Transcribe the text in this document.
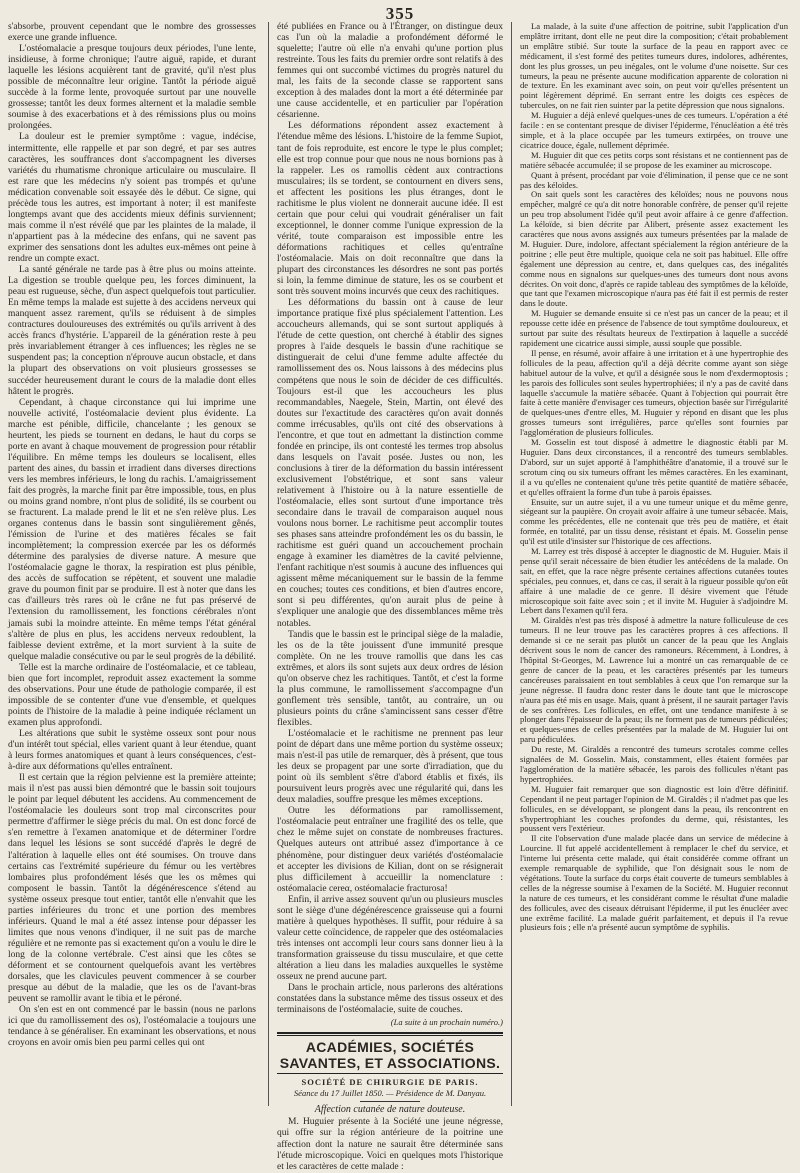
355

s'absorbe, prouvent cependant que le nombre des grossesses exerce une grande influence.

L'ostéomalacie a presque toujours deux périodes, l'une lente, insidieuse, à forme chronique; l'autre aiguë, rapide, et durant laquelle les lésions acquièrent tant de gravité, qu'il n'est plus possible de méconnaître leur origine. Tantôt la période aiguë succède à la forme lente, provoquée surtout par une nouvelle grossesse; tantôt les deux formes alternent et la maladie semble soumise à des exacerbations et à des rémissions plus ou moins prolongées.

La douleur est le premier symptôme : vague, indécise, intermittente, elle rappelle et par son degré, et par ses autres caractères, les souffrances dont s'accompagnent les diverses variétés du rhumatisme chronique articulaire ou musculaire. Il est rare que les médecins n'y soient pas trompés et qu'une médication convenable soit essayée dès le début. Ce signe, qui précède tous les autres, est important à noter; il est manifeste longtemps avant que des accidents mieux définis surviennent; mais comme il n'est révélé que par les plaintes de la malade, il n'appartient pas à la médecine des enfans, qui ne savent pas exprimer des sensations dont les adultes eux-mêmes ont peine à rendre un compte exact.

La santé générale ne tarde pas à être plus ou moins atteinte. La digestion se trouble quelque peu, les forces diminuent, la peau est rugueuse, sèche, d'un aspect quelquefois tout particulier. En même temps la malade est sujette à des accidens nerveux qui manquent assez rarement, qu'ils se réduisent à de simples contractures douloureuses des extrémités ou qu'ils arrivent à des accès francs d'hystérie. L'appareil de la génération reste à peu près invariablement étranger à ces influences; les règles ne se suspendent pas; la conception n'éprouve aucun obstacle, et dans la plupart des observations on voit plusieurs grossesses se succéder heureusement durant le cours de la maladie dont elles hâtent le progrès.

Cependant, à chaque circonstance qui lui imprime une nouvelle activité, l'ostéomalacie devient plus évidente. La marche est pénible, difficile, chancelante ; les genoux se heurtent, les pieds se tournent en dedans, le haut du corps se porte en avant à chaque mouvement de progression pour rétablir l'équilibre. En même temps les douleurs se localisent, elles partent des aines, du bassin et irradient dans diverses directions vers les membres inférieurs, le long du rachis. L'amaigrissement fait des progrès, la marche finit par être impossible, tous, en plus ou moins grand nombre, n'ont plus de solidité, ils se courbent ou se fracturent. La malade prend le lit et ne s'en relève plus. Les organes contenus dans le bassin sont singulièrement gênés, l'émission de l'urine et des matières fécales se fait incomplètement; la compression exercée par les os déformés détermine des paralysies de diverse nature. A mesure que l'ostéomalacie gagne le thorax, la respiration est plus pénible, des accès de suffocation se répètent, et souvent une maladie grave du poumon finit par se produire. Il est à noter que dans les cas d'ailleurs très rares où le crâne ne fut pas préservé de l'extension du ramollissement, les fonctions cérébrales n'ont jamais subi la moindre atteinte. En même temps l'état général s'altère de plus en plus, les accidens nerveux redoublent, la faiblesse devient extrême, et la mort survient à la suite de quelque maladie consécutive ou par le seul progrès de la débilité.

Telle est la marche ordinaire de l'ostéomalacie, et ce tableau, bien que fort incomplet, reproduit assez exactement la somme des observations. Pour une étude de pathologie comparée, il est impossible de se contenter d'une vue d'ensemble, et quelques points de l'histoire de la maladie à peine indiquée réclament un examen plus approfondi.

Les altérations que subit le système osseux sont pour nous d'un intérêt tout spécial, elles varient quant à leur étendue, quant à leurs formes anatomiques et quant à leurs conséquences, c'est-à-dire aux déformations qu'elles entraînent.

Il est certain que la région pelvienne est la première atteinte; mais il n'est pas aussi bien démontré que le bassin soit toujours le point par lequel débutent les accidens. Au commencement de l'ostéomalacie les douleurs sont trop mal circonscrites pour permettre d'affirmer le siège précis du mal. On est donc forcé de s'en remettre à l'examen anatomique et de déterminer l'ordre dans lequel les lésions se sont succédé d'après le degré de l'altération à laquelle elles ont été soumises. On trouve dans certains cas l'extrémité supérieure du fémur ou les vertèbres lombaires plus profondément lésés que les os mêmes qui composent le bassin. Tantôt la dégénérescence s'étend au système osseux presque tout entier, tantôt elle n'envahit que les parties inférieures du tronc et une portion des membres inférieurs. Quand le mal a été assez intense pour dépasser les limites que nous venons d'indiquer, il ne suit pas de marche régulière et ne remonte pas si exactement qu'on a voulu le dire le long de la colonne vertébrale. C'est ainsi que les côtes se déforment et se contournent quelquefois avant les vertèbres dorsales, que les clavicules peuvent commencer à se courber presque au début de la maladie, que les os de l'avant-bras peuvent se ramollir avant le tibia et le péroné.

On s'en est en ont commencé par le bassin (nous ne parlons ici que du ramollissement des os), l'ostéomalacie a toujours une tendance à se généraliser. En examinant les observations, et nous croyons en avoir omis bien peu parmi celles qui ont

été publiées en France ou à l'Étranger, on distingue deux cas l'un où la maladie a profondément déformé le squelette; l'autre où elle n'a envahi qu'une portion plus restreinte. Tous les faits du premier ordre sont relatifs à des femmes qui ont succombé victimes du progrès naturel du mal, les faits de la seconde classe se rapportent sans exception à des malades dont la mort a été déterminée par une cause accidentelle, et en particulier par l'opération césarienne.

Les déformations répondent assez exactement à l'étendue même des lésions. L'histoire de la femme Supiot, tant de fois reproduite, est encore le type le plus complet; elle est trop connue pour que nous ne nous bornions pas à la rappeler. Les os ramollis cèdent aux contractions musculaires; ils se tordent, se contournent en divers sens, et affectent les positions les plus étranges, dont le rachitisme le plus violent ne donnerait aucune idée. Il est certain que pour celui qui voudrait généraliser un fait exceptionnel, le donner comme l'unique expression de la vérité, toute comparaison est impossible entre les déformations rachitiques et celles qu'entraîne l'ostéomalacie. Mais on doit reconnaître que dans la plupart des circonstances les désordres ne sont pas portés si loin, la femme diminue de stature, les os se courbent et sont très souvent moins incurvés que ceux des rachitiques.

Les déformations du bassin ont à cause de leur importance pratique fixé plus spécialement l'attention. Les accoucheurs allemands, qui se sont surtout appliqués à l'étude de cette question, ont cherché à établir des signes propres à l'aide desquels le bassin d'une rachitique se distinguerait de celui d'une femme adulte affectée du ramollissement des os. Nous laissons à des médecins plus compétens que nous le soin de décider de ces difficultés. Toujours est-il que les accoucheurs les plus recommandables, Naegele, Stein, Martin, ont élevé des doutes sur l'exactitude des caractères qu'on avait donnés comme irrécusables, qu'ils ont cité des observations à l'encontre, et que tout en admettant la distinction comme fondée en principe, ils ont contesté les termes trop absolus dans lesquels on l'avait posée. Justes ou non, les conclusions à tirer de la déformation du bassin intéressent exclusivement l'obstétrique, et sont sans valeur relativement à l'histoire ou à la nature essentielle de l'ostéomalacie, elles sont surtout d'une importance très secondaire dans le travail de comparaison auquel nous voulons nous borner. Le rachitisme peut accomplir toutes ses phases sans atteindre profondément les os du bassin, le rachitisme est guéri quand un accouchement prochain engage à examiner les diamètres de la cavité pelvienne, l'enfant rachitique n'est soumis à aucune des influences qui agissent même mécaniquement sur le bassin de la femme en couches; toutes ces conditions, et bien d'autres encore, sont si peu différentes, qu'on aurait plus de peine à s'expliquer une analogie que des dissemblances même très notables.

Tandis que le bassin est le principal siège de la maladie, les os de la tête jouissent d'une immunité presque complète. On ne les trouve ramollis que dans les cas extrêmes, et alors ils sont sujets aux deux ordres de lésion qu'on observe chez les rachitiques. Tantôt, et c'est la forme la plus commune, le ramollissement s'accompagne d'un gonflement très sensible, tantôt, au contraire, un ou plusieurs points du crâne s'amincissent sans cesser d'être flexibles.

L'ostéomalacie et le rachitisme ne prennent pas leur point de départ dans une même portion du système osseux; mais n'est-il pas utile de remarquer, dès à présent, que tous les deux se propagent par une sorte d'irradiation, que du point où ils semblent s'être d'abord établis et fixés, ils poursuivent leurs progrès avec une régularité qui, dans les deux maladies, souffre presque les mêmes exceptions.

Outre les déformations par ramollissement, l'ostéomalacie peut entraîner une fragilité des os telle, que chez le même sujet on constate de nombreuses fractures. Quelques auteurs ont attribué assez d'importance à ce phénomène, pour distinguer deux variétés d'ostéomalacie et accepter les divisions de Kilian, dont on se résignerait plus difficilement à accueillir la nomenclature : ostéomalacie cereα, ostéomalacie fracturosa!

Enfin, il arrive assez souvent qu'un ou plusieurs muscles sont le siège d'une dégénérescence graisseuse qui a fourni matière à quelques hypothèses. Il suffit, pour réduire à sa valeur cette coïncidence, de rappeler que des ostéomalacies très intenses ont accompli leur cours sans donner lieu à la transformation graisseuse du tissu musculaire, et que cette altération a lieu dans les maladies auxquelles le système osseux ne prend aucune part.

Dans le prochain article, nous parlerons des altérations constatées dans la substance même des tissus osseux et des terminaisons de l'ostéomalacie, suite de couches.

(La suite à un prochain numéro.)
ACADÉMIES, SOCIÉTÉS SAVANTES, ET ASSOCIATIONS.
SOCIÉTÉ DE CHIRURGIE DE PARIS.
Séance du 17 Juillet 1850. — Présidence de M. Danyau.
Affection cutanée de nature douteuse.

M. Huguier présente à la Société une jeune négresse, qui offre sur la région antérieure de la poitrine une affection dont la nature ne saurait être déterminée sans l'étude microscopique. Voici en quelques mots l'historique et les caractères de cette malade :

La malade, à la suite d'une affection de poitrine, subit l'application d'un emplâtre irritant, dont elle ne peut dire la composition; c'était probablement un emplâtre stibié. Sur toute la surface de la peau en rapport avec ce médicament, il s'est formé des petites tumeurs dures, indolores, adhérentes, dont les plus grosses, un peu inégales, ont le volume d'une noisette. Sur ces tumeurs, la peau ne présente aucune modification apparente de coloration ni de texture. En les examinant avec soin, on peut voir qu'elles présentent un point légèrement déprimé. En serrant entre les doigts ces espèces de tubercules, on ne fait rien suinter par la petite dépression que nous signalons.

M. Huguier a déjà enlevé quelques-unes de ces tumeurs. L'opération a été facile : en se contentant presque de diviser l'épiderme, l'énucléation a été très simple, et à la place occupée par les tumeurs extirpées, on trouve une cicatrice douce, égale, nullement déprimée.

M. Huguier dit que ces petits corps sont résistans et ne contiennent pas de matière sébacée accumulée; il se propose de les examiner au microscope.

Quant à présent, procédant par voie d'élimination, il pense que ce ne sont pas des kéloïdes.

On sait quels sont les caractères des kéloïdes; nous ne pouvons nous empêcher, malgré ce qu'a dit notre honorable confrère, de penser qu'il rejette un peu trop absolument l'idée qu'il peut avoir affaire à ce genre d'affection. La kéloïde, si bien décrite par Alibert, présente assez exactement les caractères que nous avons assignés aux tumeurs présentées par la malade de M. Huguier. Dure, indolore, affectant spécialement la région antérieure de la poitrine ; elle peut être multiple, quoique cela ne soit pas habituel. Elle offre également une dépression au centre, et, dans quelques cas, des inégalités comme nous en signalons sur quelques-unes des tumeurs dont nous avons décrites. On voit donc, d'après ce rapide tableau des symptômes de la kéloïde, que tant que l'examen microscopique n'aura pas été fait il est permis de rester dans le doute.

M. Huguier se demande ensuite si ce n'est pas un cancer de la peau; et il repousse cette idée en présence de l'absence de tout symptôme douloureux, et surtout par suite des résultats heureux de l'extirpation à laquelle a succédé rapidement une cicatrice aussi simple, aussi souple que possible.

Il pense, en résumé, avoir affaire à une irritation et à une hypertrophie des follicules de la peau, affection qu'il a déjà décrite comme ayant son siège habituel autour de la vulve, et qu'il a désignée sous le nom d'exdermoptosis ; les parois des follicules sont seules hypertrophiées; il n'y a pas de cavité dans laquelle s'accumule la matière sébacée. Quant à l'objection qui pourrait être faite à cette manière d'envisager ces tumeurs, objection basée sur l'irrégularité de quelques-unes d'entre elles, M. Huguier y répond en disant que les plus grosses tumeurs sont irrégulières, parce qu'elles sont fournies par l'agglomération de plusieurs follicules.

M. Gosselin est tout disposé à admettre le diagnostic établi par M. Huguier. Dans deux circonstances, il a rencontré des tumeurs semblables. D'abord, sur un sujet apporté à l'amphithéâtre d'anatomie, il a trouvé sur le scrotum cinq ou six tumeurs offrant les mêmes caractères. En les examinant, il a vu qu'elles ne contenaient qu'une très petite quantité de matière sébacée, et qu'elles offraient la forme d'un tube à parois épaisses.

Ensuite, sur un autre sujet, il a vu une tumeur unique et du même genre, siégeant sur la paupière. On croyait avoir affaire à une tumeur sébacée. Mais, comme les précédentes, elle ne contenait que très peu de matière, et était formée, en totalité, par un tissu dense, résistant et épais. M. Gosselin pense qu'il est utile d'insister sur l'historique de ces affections.

M. Larrey est très disposé à accepter le diagnostic de M. Huguier. Mais il pense qu'il serait nécessaire de bien étudier les antécédens de la malade. On sait, en effet, que la race nègre présente certaines affections cutanées toutes spéciales, peu connues, et, dans ce cas, il serait à la rigueur possible qu'on eût affaire à une maladie de ce genre. Il désire vivement que l'étude microscopique soit faite avec soin ; et il invite M. Huguier à s'adjoindre M. Lebert dans l'examen qu'il fera.

M. Giraldès n'est pas très disposé à admettre la nature folliculeuse de ces tumeurs. Il ne leur trouve pas les caractères propres à ces affections. Il demande si ce ne serait pas plutôt un cancer de la peau que les Anglais décrivent sous le nom de cancer des ramoneurs. Récemment, à Londres, à l'hôpital St-Georges, M. Lawrence lui a montré un cas remarquable de ce genre de cancer de la peau, et les caractères présentés par les tumeurs cancéreuses paraissaient en tout semblables à ceux que l'on remarque sur la jeune négresse. Il faudra donc rester dans le doute tant que le microscope n'aura pas été mis en usage. Mais, quant à présent, il ne saurait partager l'avis de ses confrères. Les follicules, en effet, ont une tendance manifeste à se plonger dans l'épaisseur de la peau; ils ne forment pas de tumeurs pédiculées; et quelques-unes de celles présentées par la malade de M. Huguier lui ont paru pédiculées.

Du reste, M. Giraldès a rencontré des tumeurs scrotales comme celles signalées de M. Gosselin. Mais, constamment, elles étaient formées par l'agglomération de la matière sébacée, les parois des follicules n'étant pas hypertrophiées.

M. Huguier fait remarquer que son diagnostic est loin d'être définitif. Cependant il ne peut partager l'opinion de M. Giraldès ; il n'admet pas que les follicules, en se développant, se plongent dans la peau, ils rencontrent en s'hypertrophiant les couches profondes du derme, qui, résistantes, les poussent vers l'extérieur.

Il cite l'observation d'une malade placée dans un service de médecine à Lourcine. Il fut appelé accidentellement à remplacer le chef du service, et l'interne lui présenta cette malade, qui était considérée comme offrant un exemple remarquable de syphilide, que l'on désignait sous le nom de végétations. Toute la surface du corps était couverte de tumeurs semblables à celles de la négresse soumise à l'examen de la Société. M. Huguier reconnut la nature de ces tumeurs, et les considérant comme le résultat d'une maladie des follicules, avec des ciseaux détruisant l'épiderme, il put les énucléer avec une extrême facilité. La malade guérit parfaitement, et depuis il l'a revue plusieurs fois ; elle n'a présenté aucun symptôme de syphilis.
